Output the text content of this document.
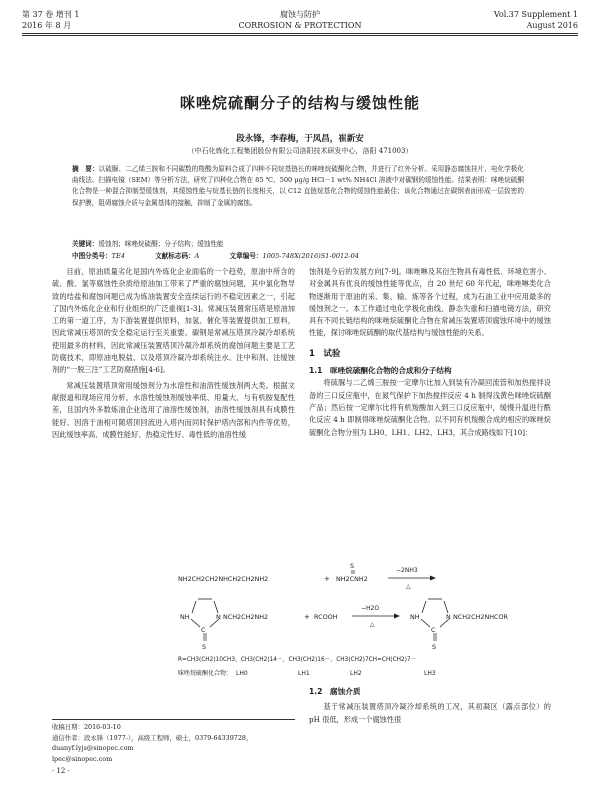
第 37 卷 增刊 1
2016 年 8 月
腐蚀与防护
CORROSION & PROTECTION
Vol.37 Supplement 1
August 2016
咪唑烷硫酮分子的结构与缓蚀性能
段永锋，李春梅，于凤昌，崔新安
（中石化炼化工程集团股份有限公司洛阳技术研发中心，洛阳 471003）
摘　要：以硫脲、二乙烯三胺和不同碳数的羧酸为原料合成了四种不同烷基链长的咪唑烷硫酮化合物，并进行了红外分析。采用静态腐蚀挂片、电化学极化曲线法、扫描电镜（SEM）等分析方法，研究了四种化合物在 85 ℃、500 μg/g HCl－1 wt% NH4Cl 溶液中对碳钢的缓蚀性能。结果表明：咪唑烷硫酮化合物是一种混合抑制型缓蚀剂，其缓蚀性能与烷基长链的长度相关，以 C12 直链烷基化合物的缓蚀性能最佳；该化合物通过在碳钢表面形成一层致密的保护膜，阻碍腐蚀介质与金属基体的接触，抑制了金属的腐蚀。
关键词：缓蚀剂；咪唑烷硫酮；分子结构；缓蚀性能
中图分类号：TE4	文献标志码：A	文章编号：1005-748X(2016)S1-0012-04

目前，原油质量劣化是国内外炼化企业面临的一个趋势，原油中所含的硫、酸、氯等腐蚀性杂质给原油加工带来了严重的腐蚀问题，其中氯化物导致的结盐和腐蚀问题已成为炼油装置安全连续运行的不稳定因素之一，引起了国内外炼化企业和行业组织的广泛重视[1-3]。常减压装置常压塔是原油加工的第一道工序，为下游装置提供原料，加氢、催化等装置提供加工原料，因此常减压塔顶的安全稳定运行至关重要。碳钢是常减压塔顶冷凝冷却系统使用最多的材料，因此常减压装置塔顶冷凝冷却系统的腐蚀问题主要是工艺防腐技术，即原油电脱盐、以及塔顶冷凝冷却系统注水、注中和剂、注缓蚀剂的“一脱三注”工艺防腐措施[4-6]。

常减压装置塔顶常用缓蚀剂分为水溶性和油溶性缓蚀剂两大类。根据文献报道和现场应用分析，水溶性缓蚀剂缓蚀率低、用量大、与有机胺复配性差，且国内外多数炼油企业选用了油溶性缓蚀剂，油溶性缓蚀剂具有成膜性能好、因溶于油相可随塔顶回流进入塔内而同时保护塔内部和内件等优势，因此缓蚀率高、成膜性能好、热稳定性好、毒性低的油溶性缓

蚀剂是今后的发展方向[7-9]。咪唑啉及其衍生物具有毒性低、环境危害小、对金属具有优良的缓蚀性能等优点，自 20 世纪 60 年代起，咪唑啉类化合物逐渐用于原油的采、集、输、炼等各个过程，成为石油工业中应用最多的缓蚀剂之一。本工作通过电化学极化曲线、静态失重和扫描电镜方法，研究具有不同长链结构的咪唑烷硫酮化合物在常减压装置塔顶腐蚀环境中的缓蚀性能，探讨咪唑烷硫酮的取代基结构与缓蚀性能的关系。
1　试验
1.1　咪唑烷硫酮化合物的合成和分子结构

将硫脲与二乙烯三胺按一定摩尔比加入到装有冷凝回流管和加热搅拌设备的三口反应瓶中，在氮气保护下加热搅拌反应 4 h 制得浅黄色咪唑烷硫酮产品；然后按一定摩尔比将有机羧酸加入到三口反应瓶中，缓慢升温进行酰化反应 4 h 即制得咪唑烷硫酮化合物。以不同有机羧酸合成的相应的咪唑烷硫酮化合物分别为 LH0、LH1、LH2、LH3，其合成路线如下[10]：

NH2CH2CH2NHCH2CH2NH2	+
S
NH2CNH2
−2NH3
△
NH	N
C
S
NCH2CH2NH2	+ RCOOH
−H2O
△
NH	N
C
S
NCH2CH2NHCOR
R=CH3(CH2)10CH3，CH3(CH2)14－，CH3(CH2)16－，CH3(CH2)7CH=CH(CH2)7－
咪唑烷硫酮化合物： LH0	LH1	LH2	LH3
1.2　腐蚀介质

基于常减压装置塔顶冷凝冷却系统的工况，其初凝区（露点部位）的 pH 很低，形成一个腐蚀性很

收稿日期：2016-03-10
通信作者：段永锋（1977-），高级工程师，硕士，0379-64339728，duanyf.lyjs@sinopec.com
lpec@sinopec.com
· 12 ·
